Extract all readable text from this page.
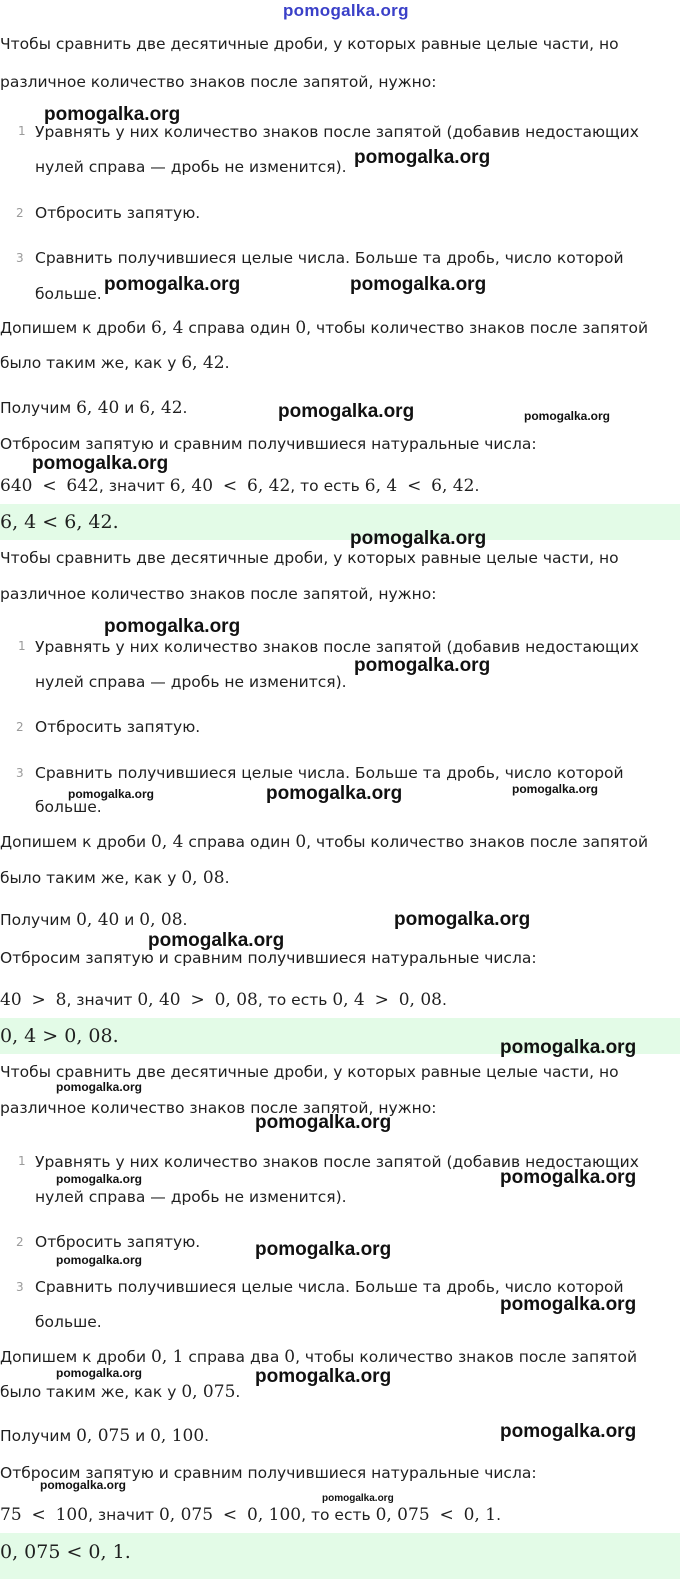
pomogalka.org
Чтобы сравнить две десятичные дроби, у которых равные целые части, но
различное количество знаков после запятой, нужно:
1 Уравнять у них количество знаков после запятой (добавив недостающих
нулей справа — дробь не изменится).
2 Отбросить запятую.
3 Сравнить получившиеся целые числа. Больше та дробь, число которой
больше.
Допишем к дроби 6, 4 справа один 0, чтобы количество знаков после запятой
было таким же, как у 6, 42.
Получим 6, 40 и 6, 42.
Отбросим запятую и сравним получившиеся натуральные числа:
640 < 642, значит 6, 40 < 6, 42, то есть 6, 4 < 6, 42.
6, 4 < 6, 42.
Чтобы сравнить две десятичные дроби, у которых равные целые части, но
различное количество знаков после запятой, нужно:
1 Уравнять у них количество знаков после запятой (добавив недостающих
нулей справа — дробь не изменится).
2 Отбросить запятую.
3 Сравнить получившиеся целые числа. Больше та дробь, число которой
больше.
Допишем к дроби 0, 4 справа один 0, чтобы количество знаков после запятой
было таким же, как у 0, 08.
Получим 0, 40 и 0, 08.
Отбросим запятую и сравним получившиеся натуральные числа:
40 > 8, значит 0, 40 > 0, 08, то есть 0, 4 > 0, 08.
0, 4 > 0, 08.
Чтобы сравнить две десятичные дроби, у которых равные целые части, но
различное количество знаков после запятой, нужно:
1 Уравнять у них количество знаков после запятой (добавив недостающих
нулей справа — дробь не изменится).
2 Отбросить запятую.
3 Сравнить получившиеся целые числа. Больше та дробь, число которой
больше.
Допишем к дроби 0, 1 справа два 0, чтобы количество знаков после запятой
было таким же, как у 0, 075.
Получим 0, 075 и 0, 100.
Отбросим запятую и сравним получившиеся натуральные числа:
75 < 100, значит 0, 075 < 0, 100, то есть 0, 075 < 0, 1.
0, 075 < 0, 1.
pomogalka.org
pomogalka.org
pomogalka.org	pomogalka.org
pomogalka.org	pomogalka.org
pomogalka.org
pomogalka.org
pomogalka.org
pomogalka.org
pomogalka.org	pomogalka.org	pomogalka.org
pomogalka.org
pomogalka.org
pomogalka.org
pomogalka.org
pomogalka.org
pomogalka.org	pomogalka.org
pomogalka.org
pomogalka.org
pomogalka.org
pomogalka.org	pomogalka.org
pomogalka.org
pomogalka.org
pomogalka.org
